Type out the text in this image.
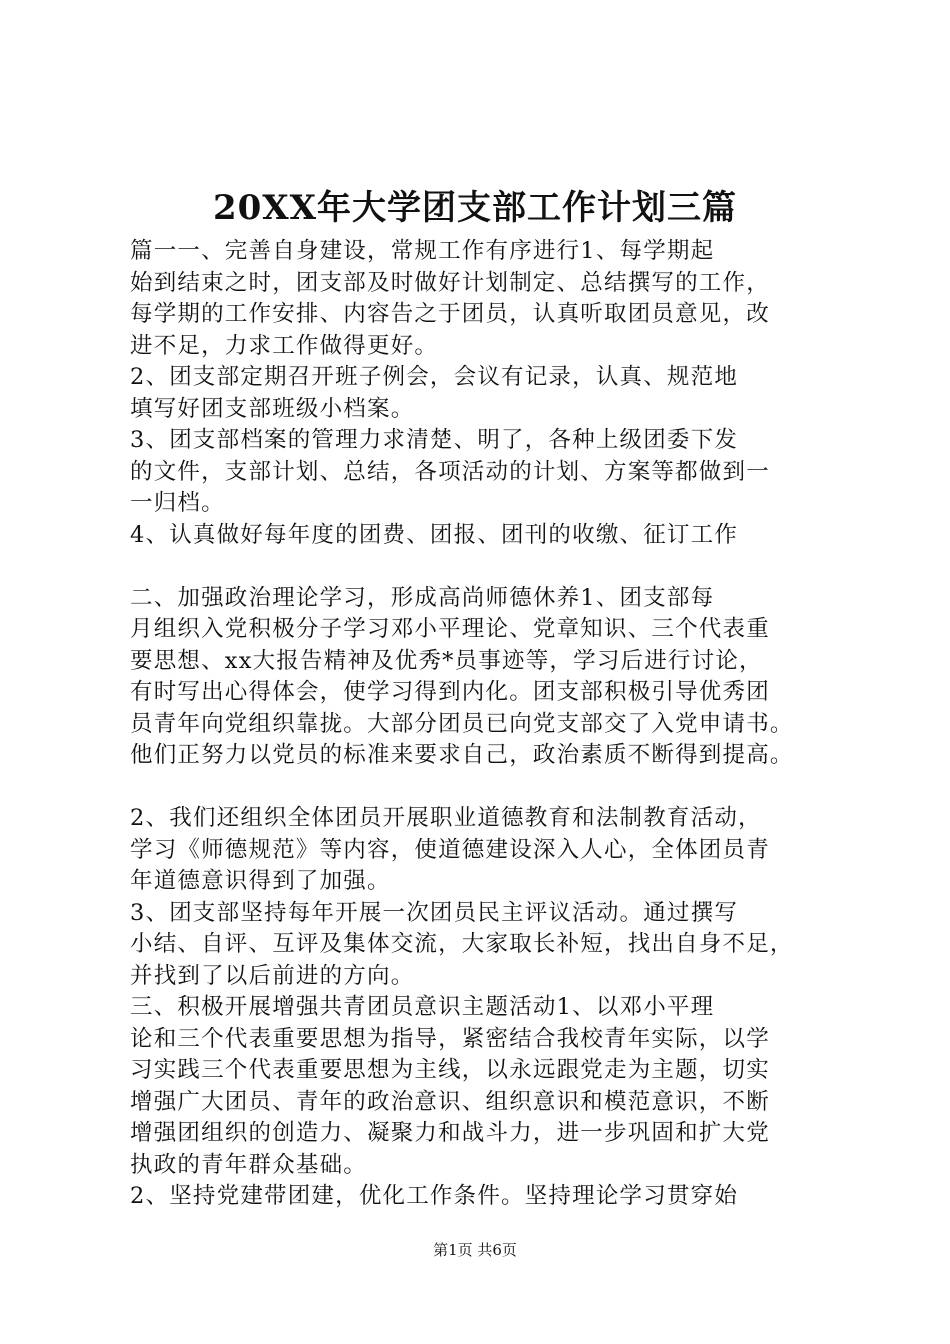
20XX年大学团支部工作计划三篇
篇一一、完善自身建设，常规工作有序进行1、每学期起
始到结束之时，团支部及时做好计划制定、总结撰写的工作，
每学期的工作安排、内容告之于团员，认真听取团员意见，改
进不足，力求工作做得更好。
2、团支部定期召开班子例会，会议有记录，认真、规范地
填写好团支部班级小档案。
3、团支部档案的管理力求清楚、明了，各种上级团委下发
的文件，支部计划、总结，各项活动的计划、方案等都做到一
一归档。
4、认真做好每年度的团费、团报、团刊的收缴、征订工作
二、加强政治理论学习，形成高尚师德休养1、团支部每
月组织入党积极分子学习邓小平理论、党章知识、三个代表重
要思想、xx大报告精神及优秀*员事迹等，学习后进行讨论，
有时写出心得体会，使学习得到内化。团支部积极引导优秀团
员青年向党组织靠拢。大部分团员已向党支部交了入党申请书。
他们正努力以党员的标准来要求自己，政治素质不断得到提高。
2、我们还组织全体团员开展职业道德教育和法制教育活动，
学习《师德规范》等内容，使道德建设深入人心，全体团员青
年道德意识得到了加强。
3、团支部坚持每年开展一次团员民主评议活动。通过撰写
小结、自评、互评及集体交流，大家取长补短，找出自身不足，
并找到了以后前进的方向。
三、积极开展增强共青团员意识主题活动1、以邓小平理
论和三个代表重要思想为指导，紧密结合我校青年实际，以学
习实践三个代表重要思想为主线，以永远跟党走为主题，切实
增强广大团员、青年的政治意识、组织意识和模范意识，不断
增强团组织的创造力、凝聚力和战斗力，进一步巩固和扩大党
执政的青年群众基础。
2、坚持党建带团建，优化工作条件。坚持理论学习贯穿始
第1页 共6页
